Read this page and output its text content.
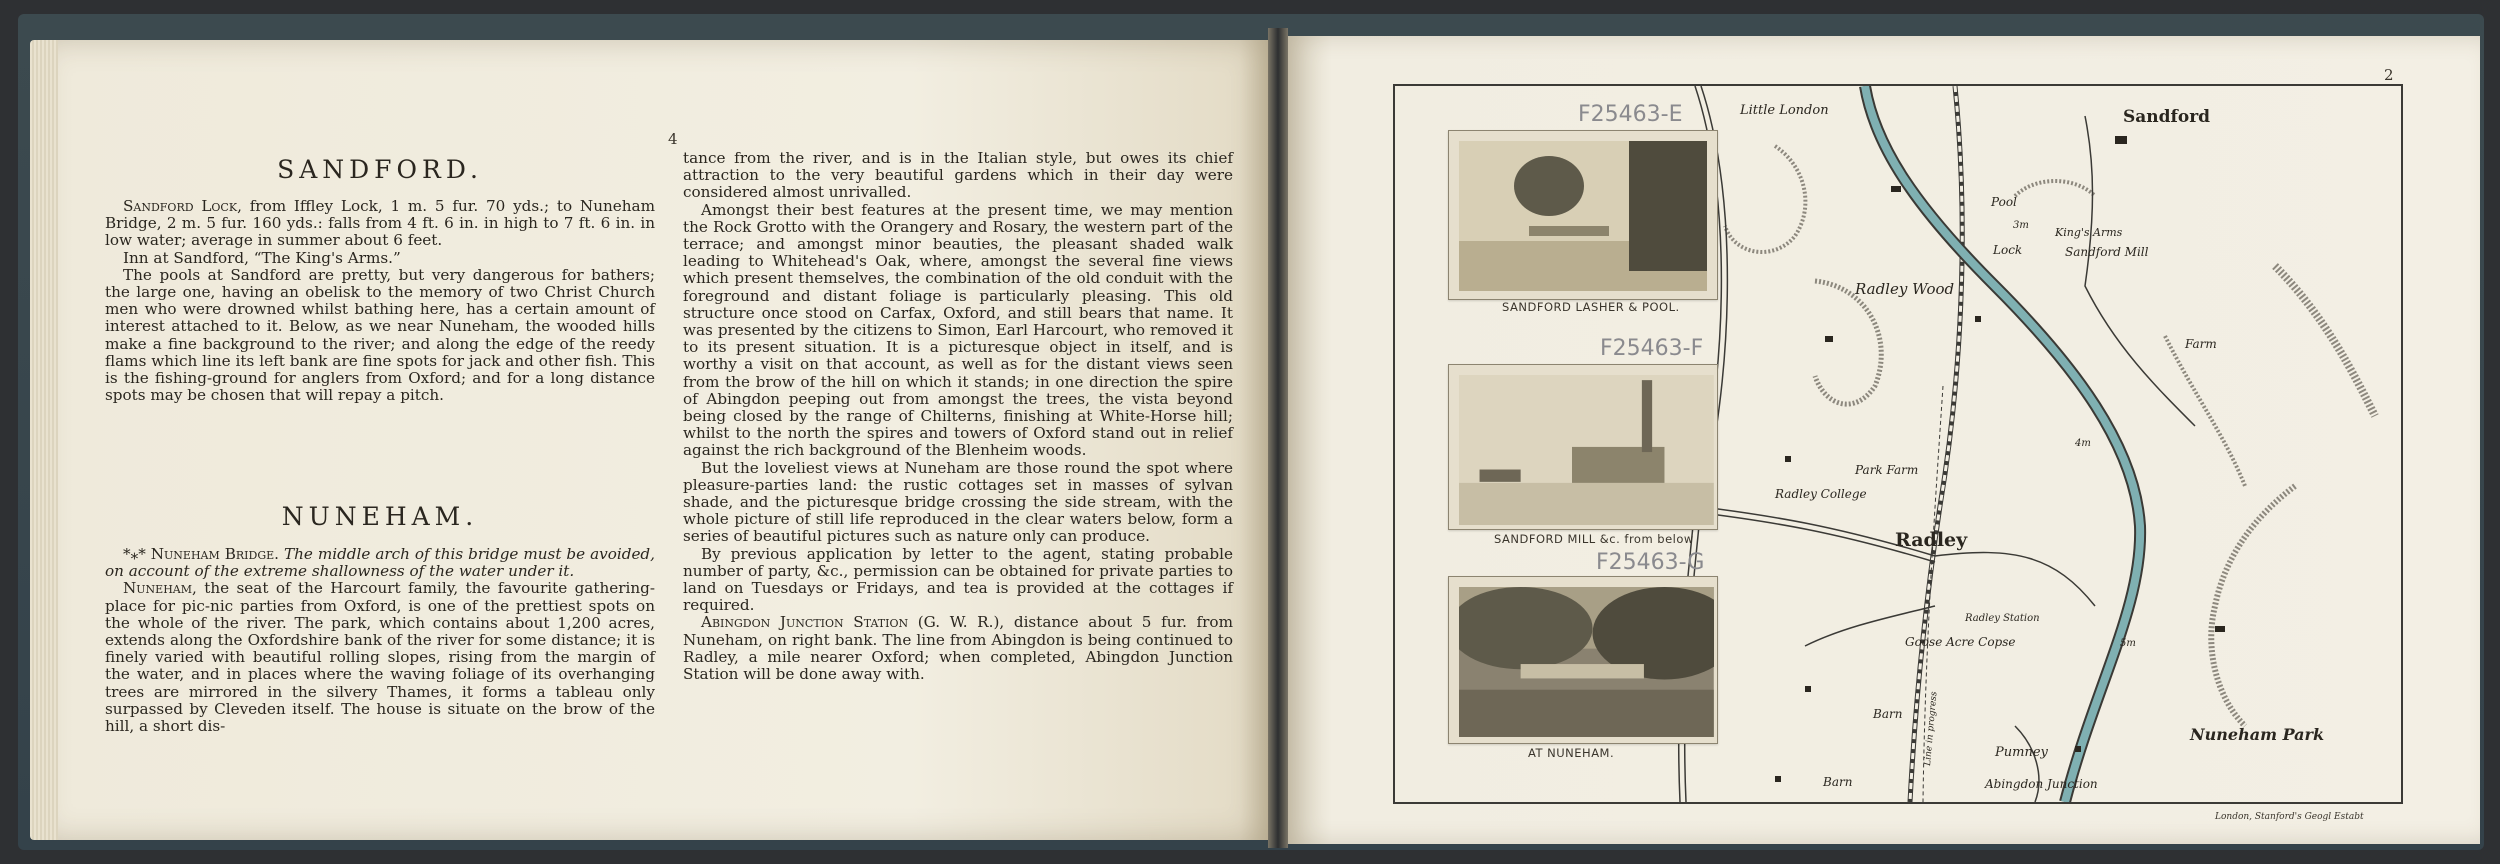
4
SANDFORD.

Sandford Lock, from Iffley Lock, 1 m. 5 fur. 70 yds.; to Nuneham Bridge, 2 m. 5 fur. 160 yds.: falls from 4 ft. 6 in. in high to 7 ft. 6 in. in low water; average in summer about 6 feet.

Inn at Sandford, “The King's Arms.”

The pools at Sandford are pretty, but very dangerous for bathers; the large one, having an obelisk to the memory of two Christ Church men who were drowned whilst bathing here, has a certain amount of interest attached to it. Below, as we near Nuneham, the wooded hills make a fine background to the river; and along the edge of the reedy flams which line its left bank are fine spots for jack and other fish. This is the fishing-ground for anglers from Oxford; and for a long distance spots may be chosen that will repay a pitch.

NUNEHAM.

*⁎* Nuneham Bridge. The middle arch of this bridge must be avoided, on account of the extreme shallowness of the water under it.

Nuneham, the seat of the Harcourt family, the favourite gathering-place for pic-nic parties from Oxford, is one of the prettiest spots on the whole of the river. The park, which contains about 1,200 acres, extends along the Oxfordshire bank of the river for some distance; it is finely varied with beautiful rolling slopes, rising from the margin of the water, and in places where the waving foliage of its overhanging trees are mirrored in the silvery Thames, it forms a tableau only surpassed by Cleveden itself. The house is situate on the brow of the hill, a short dis-

tance from the river, and is in the Italian style, but owes its chief attraction to the very beautiful gardens which in their day were considered almost unrivalled.

Amongst their best features at the present time, we may mention the Rock Grotto with the Orangery and Rosary, the western part of the terrace; and amongst minor beauties, the pleasant shaded walk leading to Whitehead's Oak, where, amongst the several fine views which present themselves, the combination of the old conduit with the foreground and distant foliage is particularly pleasing. This old structure once stood on Carfax, Oxford, and still bears that name. It was presented by the citizens to Simon, Earl Harcourt, who removed it to its present situation. It is a picturesque object in itself, and is worthy a visit on that account, as well as for the distant views seen from the brow of the hill on which it stands; in one direction the spire of Abingdon peeping out from amongst the trees, the vista beyond being closed by the range of Chilterns, finishing at White-Horse hill; whilst to the north the spires and towers of Oxford stand out in relief against the rich background of the Blenheim woods.

But the loveliest views at Nuneham are those round the spot where pleasure-parties land: the rustic cottages set in masses of sylvan shade, and the picturesque bridge crossing the side stream, with the whole picture of still life reproduced in the clear waters below, form a series of beautiful pictures such as nature only can produce.

By previous application by letter to the agent, stating probable number of party, &c., permission can be obtained for private parties to land on Tuesdays or Fridays, and tea is provided at the cottages if required.

Abingdon Junction Station (G. W. R.), distance about 5 fur. from Nuneham, on right bank. The line from Abingdon is being continued to Radley, a mile nearer Oxford; when completed, Abingdon Junction Station will be done away with.

2
Little London	Sandford
Pool
King's Arms
Lock	Sandford Mill
3m
Radley Wood
Farm
4m
Park Farm
Radley College
Radley
Radley Station
Goose Acre Copse	5m
Barn
Barn
Pumney
Abingdon Junction
Nuneham Park
Line in progress
SANDFORD LASHER & POOL.
F25463-E
SANDFORD MILL &c. from below
F25463-F
AT NUNEHAM.
F25463-G
London, Stanford's Geogl Estabt
